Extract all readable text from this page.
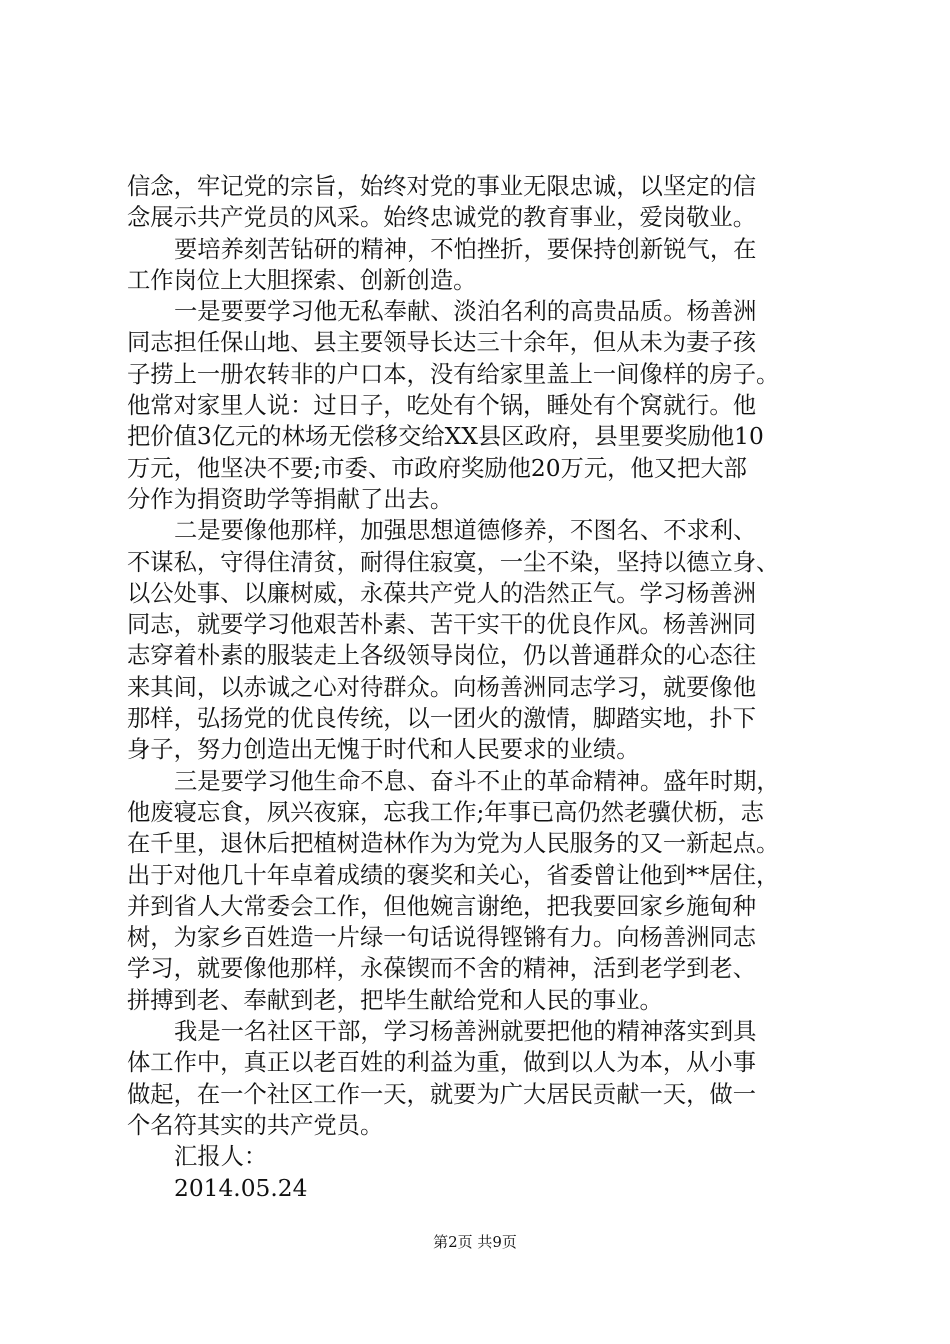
信念，牢记党的宗旨，始终对党的事业无限忠诚，以坚定的信
念展示共产党员的风采。始终忠诚党的教育事业，爱岗敬业。

要培养刻苦钻研的精神，不怕挫折，要保持创新锐气，在
工作岗位上大胆探索、创新创造。

一是要要学习他无私奉献、淡泊名利的高贵品质。杨善洲
同志担任保山地、县主要领导长达三十余年，但从未为妻子孩
子捞上一册农转非的户口本，没有给家里盖上一间像样的房子。
他常对家里人说：过日子，吃处有个锅，睡处有个窝就行。他
把价值3亿元的林场无偿移交给XX县区政府，县里要奖励他10
万元，他坚决不要;市委、市政府奖励他20万元，他又把大部
分作为捐资助学等捐献了出去。

二是要像他那样，加强思想道德修养，不图名、不求利、
不谋私，守得住清贫，耐得住寂寞，一尘不染，坚持以德立身、
以公处事、以廉树威，永葆共产党人的浩然正气。学习杨善洲
同志，就要学习他艰苦朴素、苦干实干的优良作风。杨善洲同
志穿着朴素的服装走上各级领导岗位，仍以普通群众的心态往
来其间，以赤诚之心对待群众。向杨善洲同志学习，就要像他
那样，弘扬党的优良传统，以一团火的激情，脚踏实地，扑下
身子，努力创造出无愧于时代和人民要求的业绩。

三是要学习他生命不息、奋斗不止的革命精神。盛年时期，
他废寝忘食，夙兴夜寐，忘我工作;年事已高仍然老骥伏枥，志
在千里，退休后把植树造林作为为党为人民服务的又一新起点。
出于对他几十年卓着成绩的褒奖和关心，省委曾让他到**居住，
并到省人大常委会工作，但他婉言谢绝，把我要回家乡施甸种
树，为家乡百姓造一片绿一句话说得铿锵有力。向杨善洲同志
学习，就要像他那样，永葆锲而不舍的精神，活到老学到老、
拼搏到老、奉献到老，把毕生献给党和人民的事业。

我是一名社区干部，学习杨善洲就要把他的精神落实到具
体工作中，真正以老百姓的利益为重，做到以人为本，从小事
做起，在一个社区工作一天，就要为广大居民贡献一天，做一
个名符其实的共产党员。

汇报人：
2014.05.24

第2页 共9页
